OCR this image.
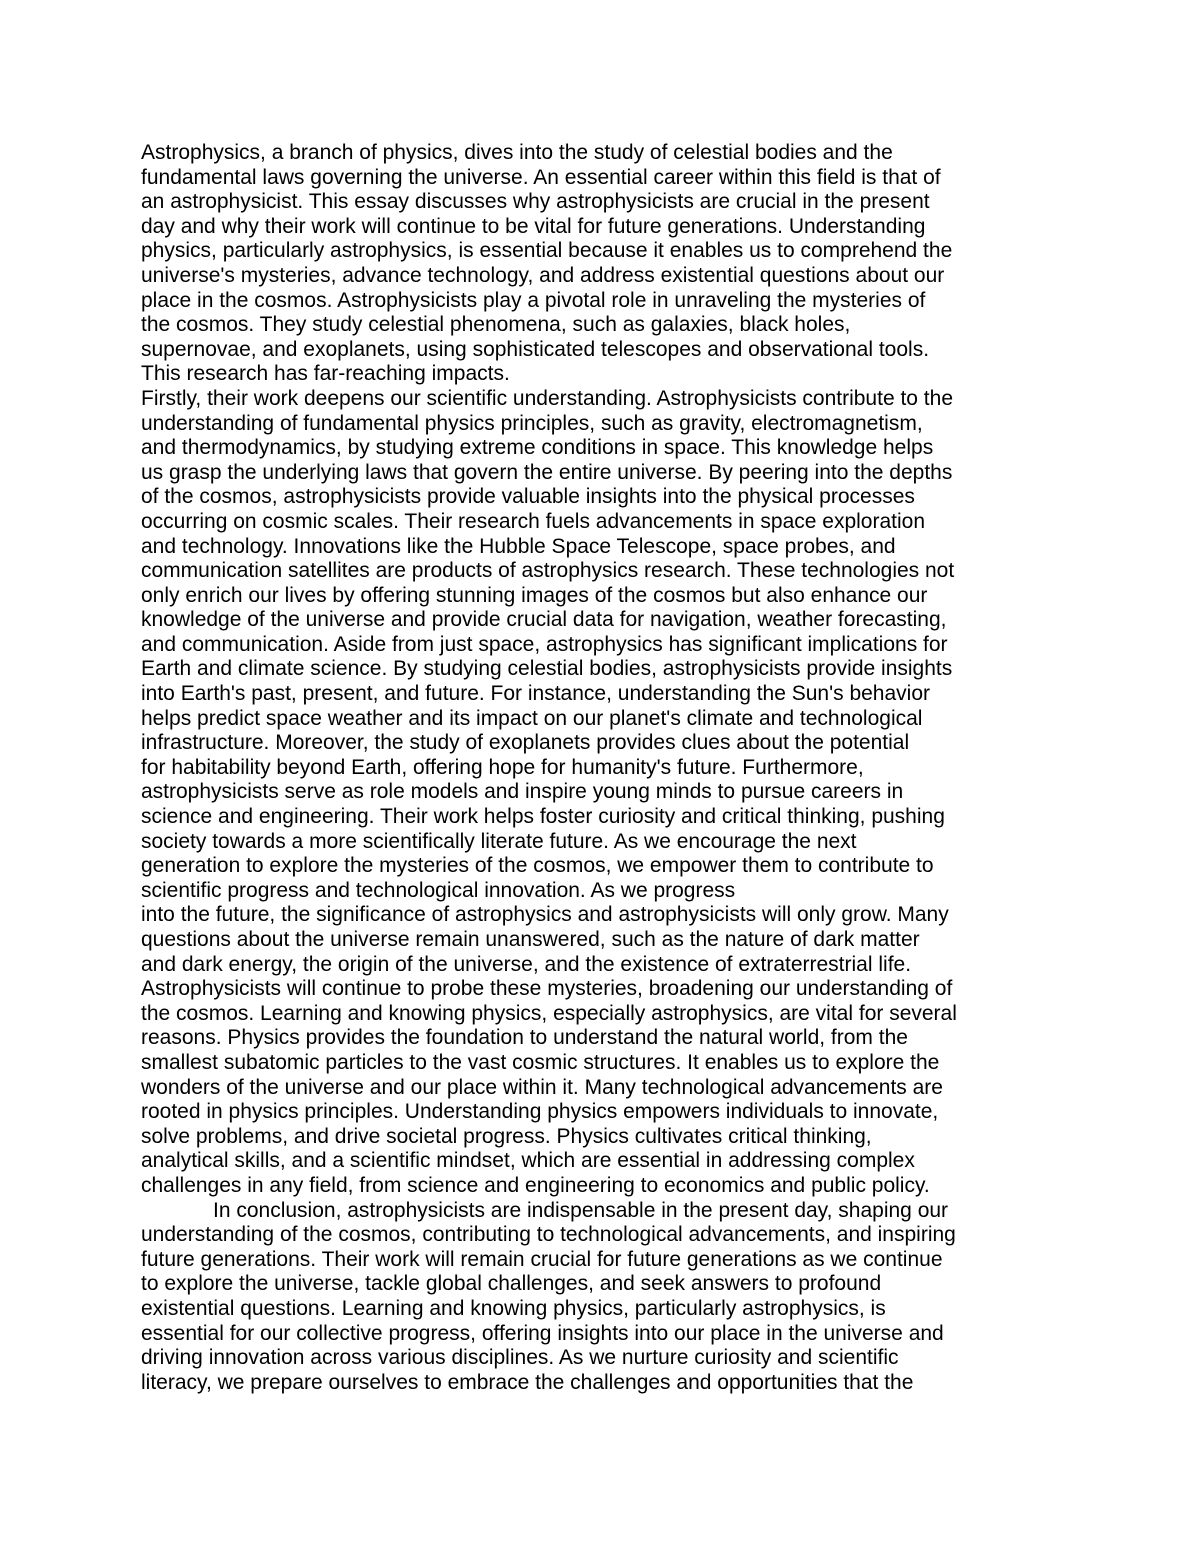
Astrophysics, a branch of physics, dives into the study of celestial bodies and the
fundamental laws governing the universe. An essential career within this field is that of
an astrophysicist. This essay discusses why astrophysicists are crucial in the present
day and why their work will continue to be vital for future generations. Understanding
physics, particularly astrophysics, is essential because it enables us to comprehend the
universe's mysteries, advance technology, and address existential questions about our
place in the cosmos. Astrophysicists play a pivotal role in unraveling the mysteries of
the cosmos. They study celestial phenomena, such as galaxies, black holes,
supernovae, and exoplanets, using sophisticated telescopes and observational tools.
This research has far-reaching impacts.
Firstly, their work deepens our scientific understanding. Astrophysicists contribute to the
understanding of fundamental physics principles, such as gravity, electromagnetism,
and thermodynamics, by studying extreme conditions in space. This knowledge helps
us grasp the underlying laws that govern the entire universe. By peering into the depths
of the cosmos, astrophysicists provide valuable insights into the physical processes
occurring on cosmic scales. Their research fuels advancements in space exploration
and technology. Innovations like the Hubble Space Telescope, space probes, and
communication satellites are products of astrophysics research. These technologies not
only enrich our lives by offering stunning images of the cosmos but also enhance our
knowledge of the universe and provide crucial data for navigation, weather forecasting,
and communication. Aside from just space, astrophysics has significant implications for
Earth and climate science. By studying celestial bodies, astrophysicists provide insights
into Earth's past, present, and future. For instance, understanding the Sun's behavior
helps predict space weather and its impact on our planet's climate and technological
infrastructure. Moreover, the study of exoplanets provides clues about the potential
for habitability beyond Earth, offering hope for humanity's future. Furthermore,
astrophysicists serve as role models and inspire young minds to pursue careers in
science and engineering. Their work helps foster curiosity and critical thinking, pushing
society towards a more scientifically literate future. As we encourage the next
generation to explore the mysteries of the cosmos, we empower them to contribute to
scientific progress and technological innovation. As we progress
into the future, the significance of astrophysics and astrophysicists will only grow. Many
questions about the universe remain unanswered, such as the nature of dark matter
and dark energy, the origin of the universe, and the existence of extraterrestrial life.
Astrophysicists will continue to probe these mysteries, broadening our understanding of
the cosmos. Learning and knowing physics, especially astrophysics, are vital for several
reasons. Physics provides the foundation to understand the natural world, from the
smallest subatomic particles to the vast cosmic structures. It enables us to explore the
wonders of the universe and our place within it. Many technological advancements are
rooted in physics principles. Understanding physics empowers individuals to innovate,
solve problems, and drive societal progress. Physics cultivates critical thinking,
analytical skills, and a scientific mindset, which are essential in addressing complex
challenges in any field, from science and engineering to economics and public policy.
In conclusion, astrophysicists are indispensable in the present day, shaping our
understanding of the cosmos, contributing to technological advancements, and inspiring
future generations. Their work will remain crucial for future generations as we continue
to explore the universe, tackle global challenges, and seek answers to profound
existential questions. Learning and knowing physics, particularly astrophysics, is
essential for our collective progress, offering insights into our place in the universe and
driving innovation across various disciplines. As we nurture curiosity and scientific
literacy, we prepare ourselves to embrace the challenges and opportunities that the
